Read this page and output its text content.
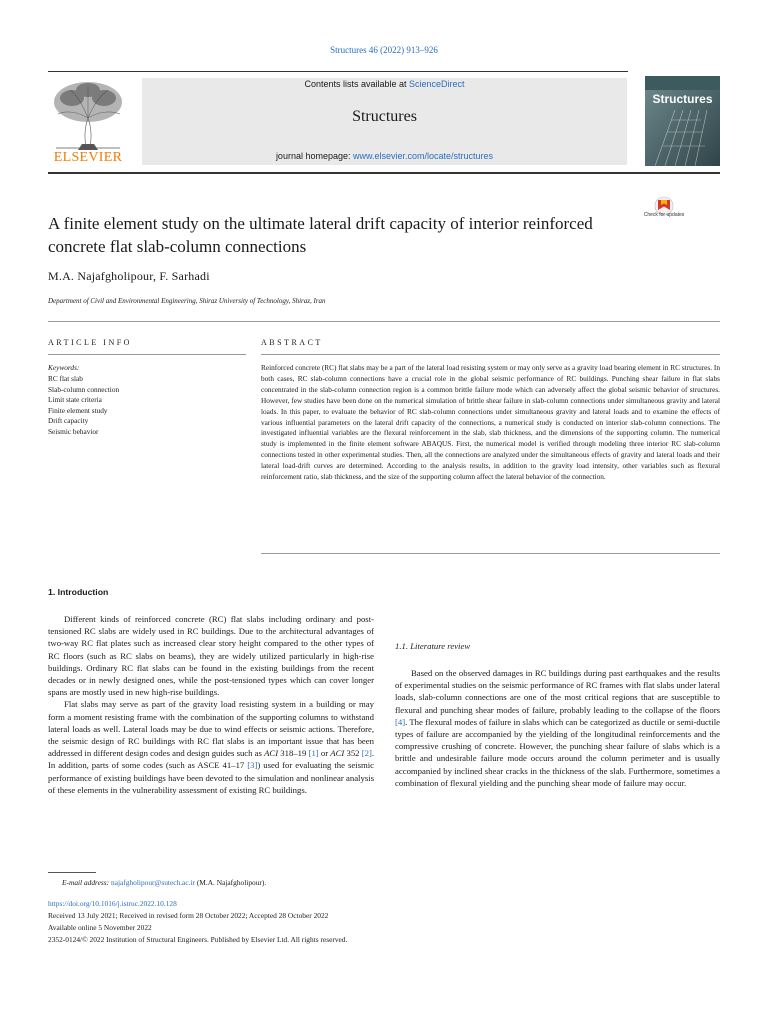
Structures 46 (2022) 913–926
Contents lists available at ScienceDirect
Structures
journal homepage: www.elsevier.com/locate/structures
ELSEVIER
Structures
Check for updates
A finite element study on the ultimate lateral drift capacity of interior reinforced concrete flat slab-column connections
M.A. Najafgholipour, F. Sarhadi
Department of Civil and Environmental Engineering, Shiraz University of Technology, Shiraz, Iran
ARTICLE INFO	ABSTRACT
Keywords:
RC flat slab
Slab-column connection
Limit state criteria
Finite element study
Drift capacity
Seismic behavior
Reinforced concrete (RC) flat slabs may be a part of the lateral load resisting system or may only serve as a gravity load bearing element in RC structures. In both cases, RC slab-column connections have a crucial role in the global seismic performance of RC buildings. Punching shear failure in flat slabs concentrated in the slab-column connection region is a common brittle failure mode which can adversely affect the global seismic behavior of structures. However, few studies have been done on the numerical simulation of brittle shear failure in slab-column connections under simultaneous gravity and lateral loads. In this paper, to evaluate the behavior of RC slab-column connections under simultaneous gravity and lateral loads and to examine the effects of various influential parameters on the lateral drift capacity of the connections, a numerical study is conducted on interior slab-column connections. The investigated influential variables are the flexural reinforcement in the slab, slab thickness, and the dimensions of the supporting column. The numerical study is implemented in the finite element software ABAQUS. First, the numerical model is verified through modeling three interior RC slab-column connections tested in other experimental studies. Then, all the connections are analyzed under the simultaneous effects of gravity and lateral loads and their lateral load-drift curves are determined. According to the analysis results, in addition to the gravity load intensity, other variables such as flexural reinforcement ratio, slab thickness, and the size of the supporting column affect the lateral behavior of the connection.
1. Introduction

Different kinds of reinforced concrete (RC) flat slabs including ordinary and post-tensioned RC slabs are widely used in RC buildings. Due to the architectural advantages of two-way RC flat plates such as increased clear story height compared to the other types of RC floors (such as RC slabs on beams), they are widely utilized particularly in high-rise buildings. Ordinary RC flat slabs can be found in the existing buildings from the recent decades or in newly designed ones, while the post-tensioned types which can cover longer spans are mostly used in new high-rise buildings.

Flat slabs may serve as part of the gravity load resisting system in a building or may form a moment resisting frame with the combination of the supporting columns to withstand lateral loads as well. Lateral loads may be due to wind effects or seismic actions. Therefore, the seismic design of RC buildings with RC flat slabs is an important issue that has been addressed in different design codes and design guides such as ACI 318–19 [1] or ACI 352 [2]. In addition, parts of some codes (such as ASCE 41–17 [3]) used for evaluating the seismic performance of existing buildings have been devoted to the simulation and nonlinear analysis of these elements in the vulnerability assessment of existing RC buildings.

1.1. Literature review

Based on the observed damages in RC buildings during past earthquakes and the results of experimental studies on the seismic performance of RC frames with flat slabs under lateral loads, slab-column connections are one of the most critical regions that are susceptible to flexural and punching shear modes of failure, probably leading to the collapse of the floors [4]. The flexural modes of failure in slabs which can be categorized as ductile or semi-ductile types of failure are accompanied by the yielding of the longitudinal reinforcements and the compressive crushing of concrete. However, the punching shear failure of slabs which is a brittle and undesirable failure mode occurs around the column perimeter and is usually accompanied by inclined shear cracks in the thickness of the slab. Furthermore, sometimes a combination of flexural yielding and the punching shear mode of failure may occur.

E-mail address: najafgholipour@sutech.ac.ir (M.A. Najafgholipour).
https://doi.org/10.1016/j.istruc.2022.10.128
Received 13 July 2021; Received in revised form 28 October 2022; Accepted 28 October 2022
Available online 5 November 2022
2352-0124/© 2022 Institution of Structural Engineers. Published by Elsevier Ltd. All rights reserved.
